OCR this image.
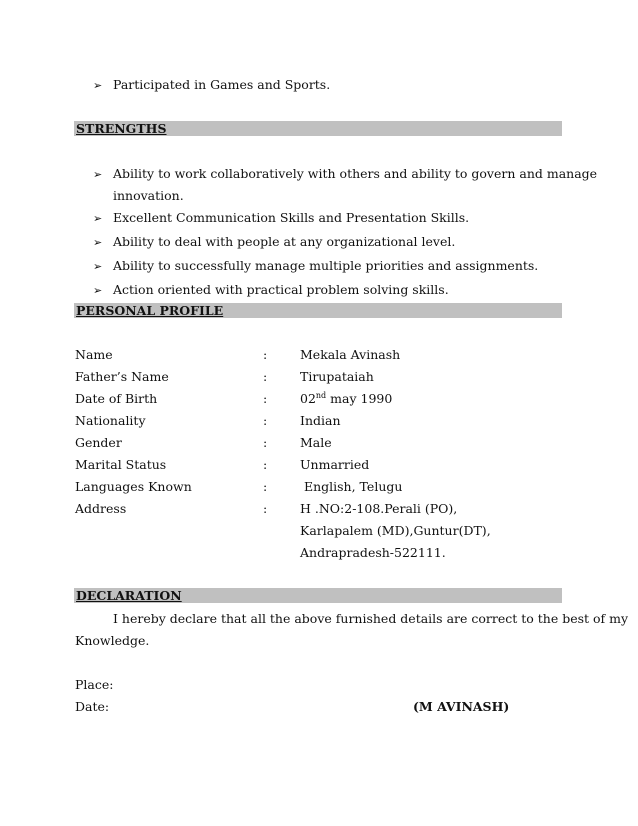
➢ Participated in Games and Sports.
STRENGTHS
➢ Ability to work collaboratively with others and ability to govern and manage
innovation.
➢ Excellent Communication Skills and Presentation Skills.
➢ Ability to deal with people at any organizational level.
➢ Ability to successfully manage multiple priorities and assignments.
➢ Action oriented with practical problem solving skills.
PERSONAL PROFILE
Name	:	Mekala Avinash
Father’s Name	:	Tirupataiah
Date of Birth	:	02nd may 1990
Nationality	:	Indian
Gender	:	Male
Marital Status	:	Unmarried
Languages Known	:	English, Telugu
Address	:	H .NO:2-108.Perali (PO),
Karlapalem (MD),Guntur(DT),
Andrapradesh-522111.
DECLARATION
I hereby declare that all the above furnished details are correct to the best of my
Knowledge.
Place:
Date:	(M AVINASH)
